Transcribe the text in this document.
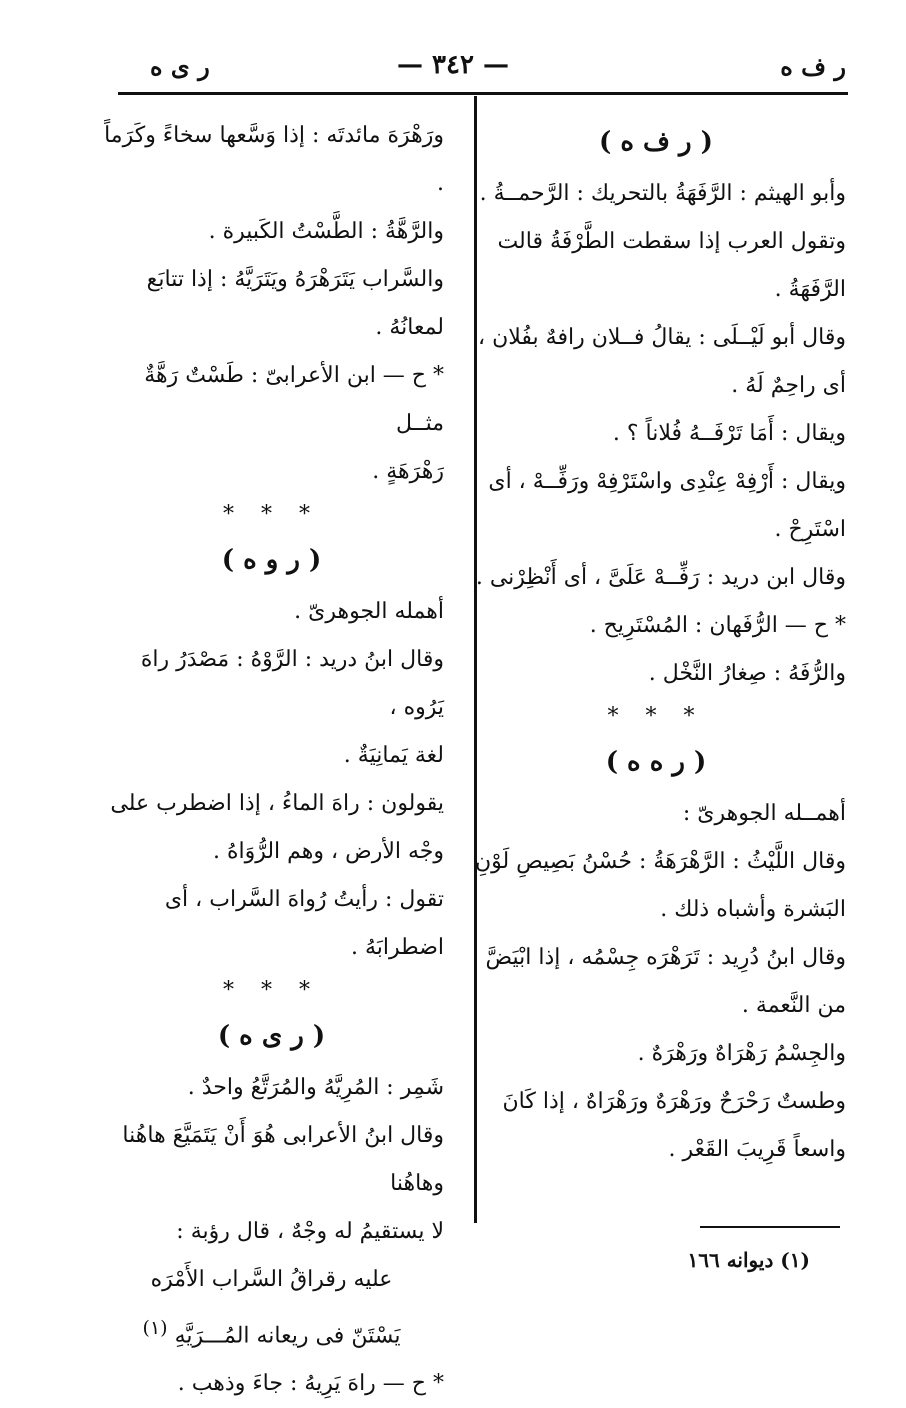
ر ف ه
— ٣٤٢ —
ر ى ه

( ر ف ه )

وأبو الهيثم : الرَّفَهَةُ بالتحريك : الرَّحمــةُ .

وتقول العرب إذا سقطت الطَّرْفَةُ قالت الرَّفَهَةُ .

وقال أبو لَيْــلَى : يقالُ فــلان رافهٌ بفُلان ،

أى راحِمٌ لَهُ .

ويقال : أَمَا تَرْفَــهُ فُلاناً ؟ .

ويقال : أَرْفِهْ عِنْدِى واسْتَرْفِهْ ورَفِّــهْ ، أى

اسْتَرِحْ .

وقال ابن دريد : رَفِّــهْ عَلَىَّ ، أى أَنْظِرْنى .

* ح — الرُّفَهان : المُسْتَرِيح .

والرُّفَهُ : صِغارُ النَّخْل .

* * *

( ر ه ه )

أهمــله الجوهرىّ :

وقال اللَّيْثُ : الرَّهْرَهَةُ : حُسْنُ بَصِيصِ لَوْنِ

البَشرة وأشباه ذلك .

وقال ابنُ دُرِيد : تَرَهْرَه جِسْمُه ، إذا ابْيَضَّ

من النَّعمة .

والجِسْمُ رَهْرَاهٌ ورَهْرَهٌ .

وطستٌ رَحْرَحٌ ورَهْرَهٌ ورَهْرَاهٌ ، إذا كَانَ

واسعاً قَرِيبَ القَعْر .

ورَهْرَهَ مائدتَه : إذا وَسَّعها سخاءً وكَرَماً .

والرَّهَّةُ : الطَّسْتُ الكَبيرة .

والسَّراب يَتَرَهْرَهُ ويَتَرَيَّهُ : إذا تتابَع لمعانُهُ .

* ح — ابن الأعرابىّ : طَسْتٌ رَهَّةٌ مثــل

رَهْرَهَةٍ .

* * *

( ر و ه )

أهمله الجوهرىّ .

وقال ابنُ دريد : الرَّوْهُ : مَصْدَرُ راهَ يَرُوه ،

لغة يَمانِيَةٌ .

يقولون : راهَ الماءُ ، إذا اضطرب على

وجْه الأرض ، وهم الرُّوَاهُ .

تقول : رأيتُ رُواهَ السَّراب ، أى اضطرابَهُ .

* * *

( ر ى ه )

شَمِر : المُرِيَّهُ والمُرَتَّعُ واحدٌ .

وقال ابنُ الأعرابى هُوَ أَنْ يَتَمَيَّعَ هاهُنا وهاهُنا

لا يستقيمُ له وجْهٌ ، قال رؤبة :

عليه رقراقُ السَّراب الأَمْرَه

يَسْتَنّ فى ريعانه المُـــرَيَّهِ (١)

* ح — راهَ يَرِيهُ : جاءَ وذهب .

(١) ديوانه ١٦٦
